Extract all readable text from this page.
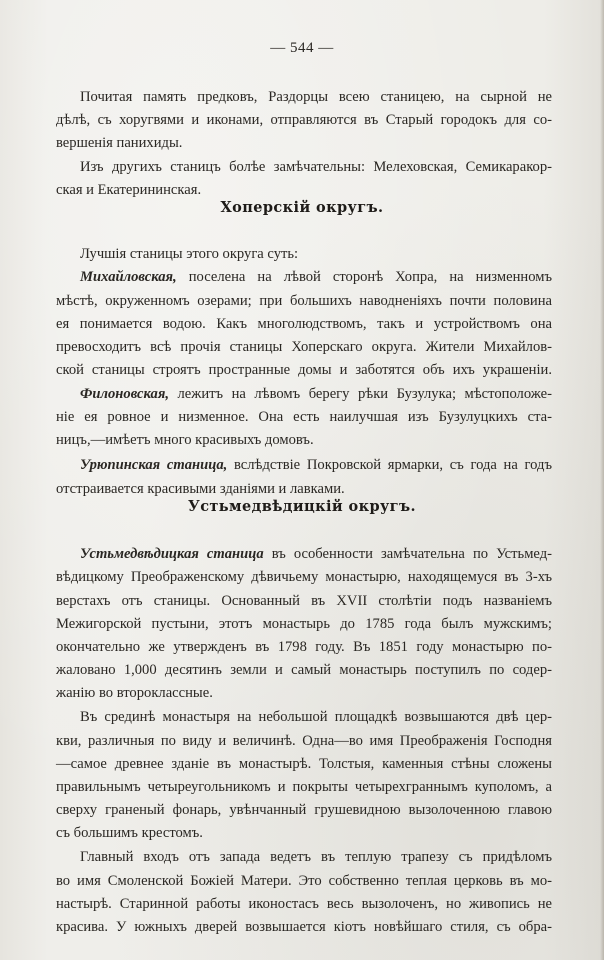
— 544 —
Почитая память предковъ, Раздорцы всею станицею, на сырной не
дѣлѣ, съ хоругвями и иконами, отправляются въ Старый городокъ для со-
вершенія панихиды.
Изъ другихъ станицъ болѣе замѣчательны: Мелеховская, Семикаракор-
ская и Екатерининская.
Хоперскій округъ.
Лучшія станицы этого округа суть:
Михайловская, поселена на лѣвой сторонѣ Хопра, на низменномъ
мѣстѣ, окруженномъ озерами; при большихъ наводненіяхъ почти половина
ея понимается водою. Какъ многолюдствомъ, такъ и устройствомъ она
превосходитъ всѣ прочія станицы Хоперскаго округа. Жители Михайлов-
ской станицы строятъ пространные домы и заботятся объ ихъ украшеніи.
Филоновская, лежитъ на лѣвомъ берегу рѣки Бузулука; мѣстоположе-
ніе ея ровное и низменное. Она есть наилучшая изъ Бузулуцкихъ ста-
ницъ,—имѣетъ много красивыхъ домовъ.
Урюпинская станица, вслѣдствіе Покровской ярмарки, съ года на годъ
отстраивается красивыми зданіями и лавками.
Устьмедвѣдицкій округъ.
Устьмедвѣдицкая станица въ особенности замѣчательна по Устьмед-
вѣдицкому Преображенскому дѣвичьему монастырю, находящемуся въ 3-хъ
верстахъ отъ станицы. Основанный въ XVII столѣтіи подъ названіемъ
Межигорской пустыни, этотъ монастырь до 1785 года былъ мужскимъ;
окончательно же утвержденъ въ 1798 году. Въ 1851 году монастырю по-
жаловано 1,000 десятинъ земли и самый монастырь поступилъ по содер-
жанію во второклассные.
Въ срединѣ монастыря на небольшой площадкѣ возвышаются двѣ цер-
кви, различныя по виду и величинѣ. Одна—во имя Преображенія Господня
—самое древнее зданіе въ монастырѣ. Толстыя, каменныя стѣны сложены
правильнымъ четыреугольникомъ и покрыты четырехграннымъ куполомъ, а
сверху граненый фонарь, увѣнчанный грушевидною вызолоченною главою
съ большимъ крестомъ.
Главный входъ отъ запада ведетъ въ теплую трапезу съ придѣломъ
во имя Смоленской Божіей Матери. Это собственно теплая церковь въ мо-
настырѣ. Старинной работы иконостасъ весь вызолоченъ, но живопись не
красива. У южныхъ дверей возвышается кіотъ новѣйшаго стиля, съ обра-
